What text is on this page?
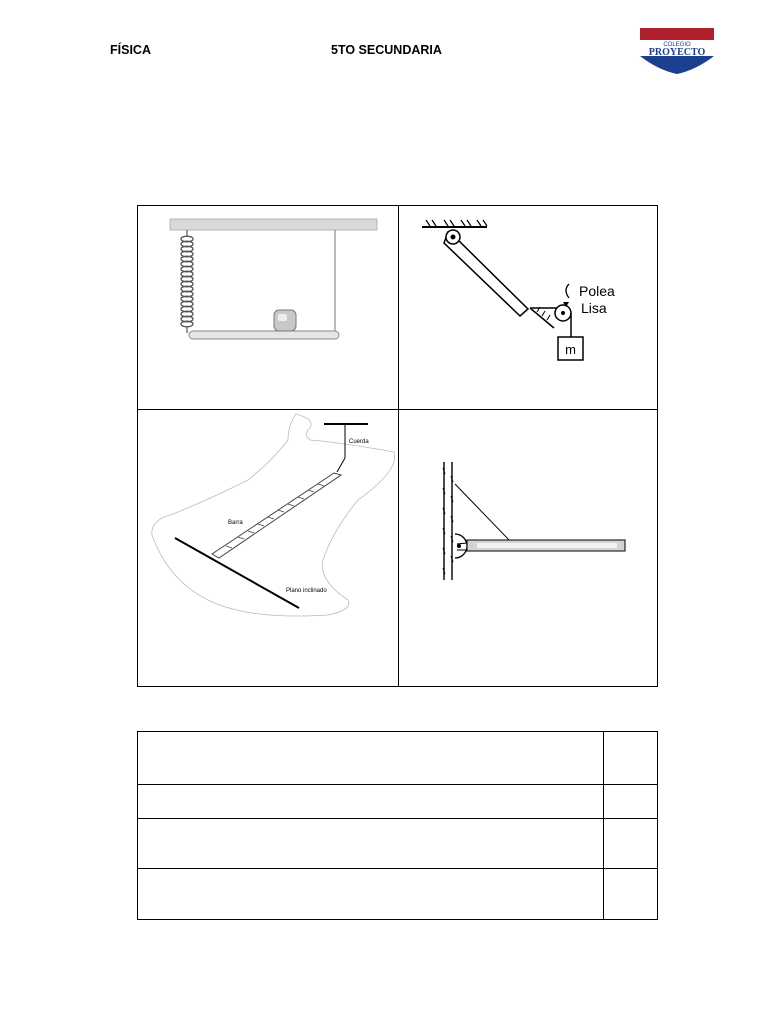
FÍSICA	5TO SECUNDARIA	COLEGIO
PROYECTO
m
Polea
Lisa
Cuerda
Barra
Plano inclinado
